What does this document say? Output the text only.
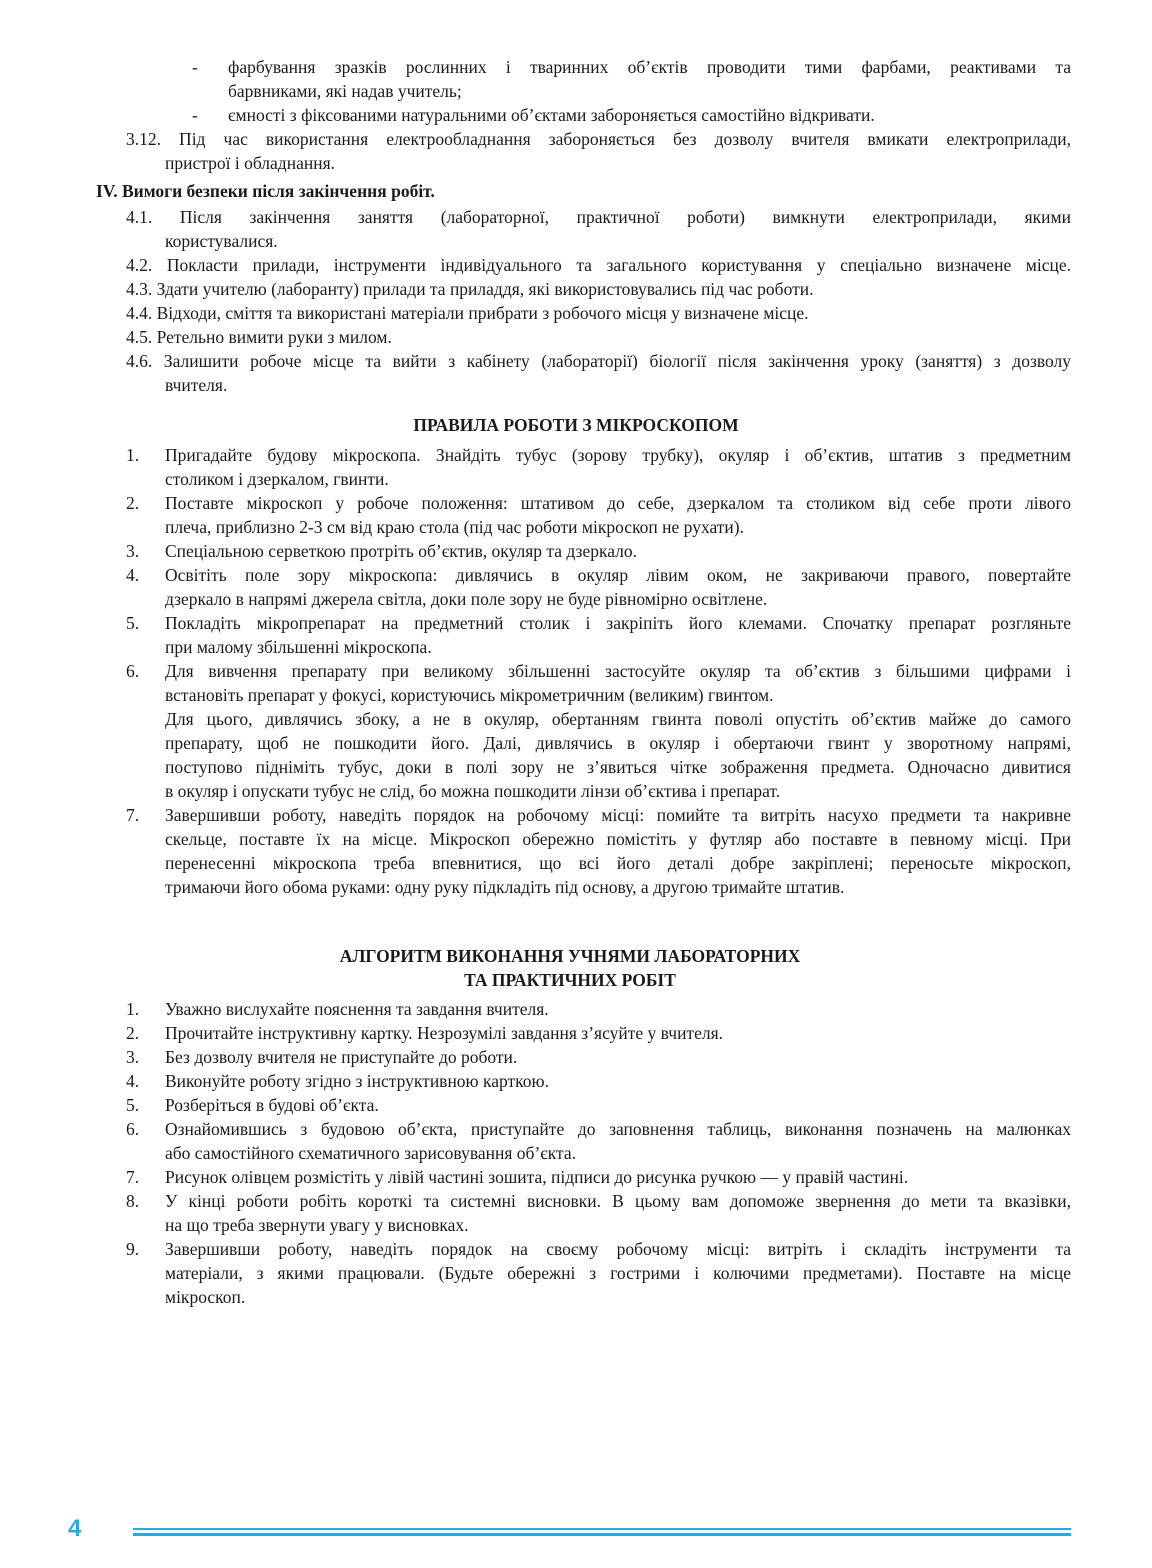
- фарбування зразків рослинних і тваринних об’єктів проводити тими фарбами, реактивами та
барвниками, які надав учитель;
- ємності з фіксованими натуральними об’єктами забороняється самостійно відкривати.
3.12. Під час використання електрообладнання забороняється без дозволу вчителя вмикати електроприлади,
пристрої і обладнання.
IV. Вимоги безпеки після закінчення робіт.
4.1. Після закінчення заняття (лабораторної, практичної роботи) вимкнути електроприлади, якими
користувалися.
4.2. Покласти прилади, інструменти індивідуального та загального користування у спеціально визначене місце.
4.3. Здати учителю (лаборанту) прилади та приладдя, які використовувались під час роботи.
4.4. Відходи, сміття та використані матеріали прибрати з робочого місця у визначене місце.
4.5. Ретельно вимити руки з милом.
4.6. Залишити робоче місце та вийти з кабінету (лабораторії) біології після закінчення уроку (заняття) з дозволу
вчителя.
ПРАВИЛА РОБОТИ З МІКРОСКОПОМ
1. Пригадайте будову мікроскопа. Знайдіть тубус (зорову трубку), окуляр і об’єктив, штатив з предметним
столиком і дзеркалом, гвинти.
2. Поставте мікроскоп у робоче положення: штативом до себе, дзеркалом та столиком від себе проти лівого
плеча, приблизно 2-3 см від краю стола (під час роботи мікроскоп не рухати).
3. Спеціальною серветкою протріть об’єктив, окуляр та дзеркало.
4. Освітіть поле зору мікроскопа: дивлячись в окуляр лівим оком, не закриваючи правого, повертайте
дзеркало в напрямі джерела світла, доки поле зору не буде рівномірно освітлене.
5. Покладіть мікропрепарат на предметний столик і закріпіть його клемами. Спочатку препарат розгляньте
при малому збільшенні мікроскопа.
6. Для вивчення препарату при великому збільшенні застосуйте окуляр та об’єктив з більшими цифрами і
встановіть препарат у фокусі, користуючись мікрометричним (великим) гвинтом.
Для цього, дивлячись збоку, а не в окуляр, обертанням гвинта поволі опустіть об’єктив майже до самого
препарату, щоб не пошкодити його. Далі, дивлячись в окуляр і обертаючи гвинт у зворотному напрямі,
поступово підніміть тубус, доки в полі зору не з’явиться чітке зображення предмета. Одночасно дивитися
в окуляр і опускати тубус не слід, бо можна пошкодити лінзи об’єктива і препарат.
7. Завершивши роботу, наведіть порядок на робочому місці: помийте та витріть насухо предмети та накривне
скельце, поставте їх на місце. Мікроскоп обережно помістіть у футляр або поставте в певному місці. При
перенесенні мікроскопа треба впевнитися, що всі його деталі добре закріплені; переносьте мікроскоп,
тримаючи його обома руками: одну руку підкладіть під основу, а другою тримайте штатив.
АЛГОРИТМ ВИКОНАННЯ УЧНЯМИ ЛАБОРАТОРНИХ
ТА ПРАКТИЧНИХ РОБІТ
1. Уважно вислухайте пояснення та завдання вчителя.
2. Прочитайте інструктивну картку. Незрозумілі завдання з’ясуйте у вчителя.
3. Без дозволу вчителя не приступайте до роботи.
4. Виконуйте роботу згідно з інструктивною карткою.
5. Розберіться в будові об’єкта.
6. Ознайомившись з будовою об’єкта, приступайте до заповнення таблиць, виконання позначень на малюнках
або самостійного схематичного зарисовування об’єкта.
7. Рисунок олівцем розмістіть у лівій частині зошита, підписи до рисунка ручкою — у правій частині.
8. У кінці роботи робіть короткі та системні висновки. В цьому вам допоможе звернення до мети та вказівки,
на що треба звернути увагу у висновках.
9. Завершивши роботу, наведіть порядок на своєму робочому місці: витріть і складіть інструменти та
матеріали, з якими працювали. (Будьте обережні з гострими і колючими предметами). Поставте на місце
мікроскоп.
4
